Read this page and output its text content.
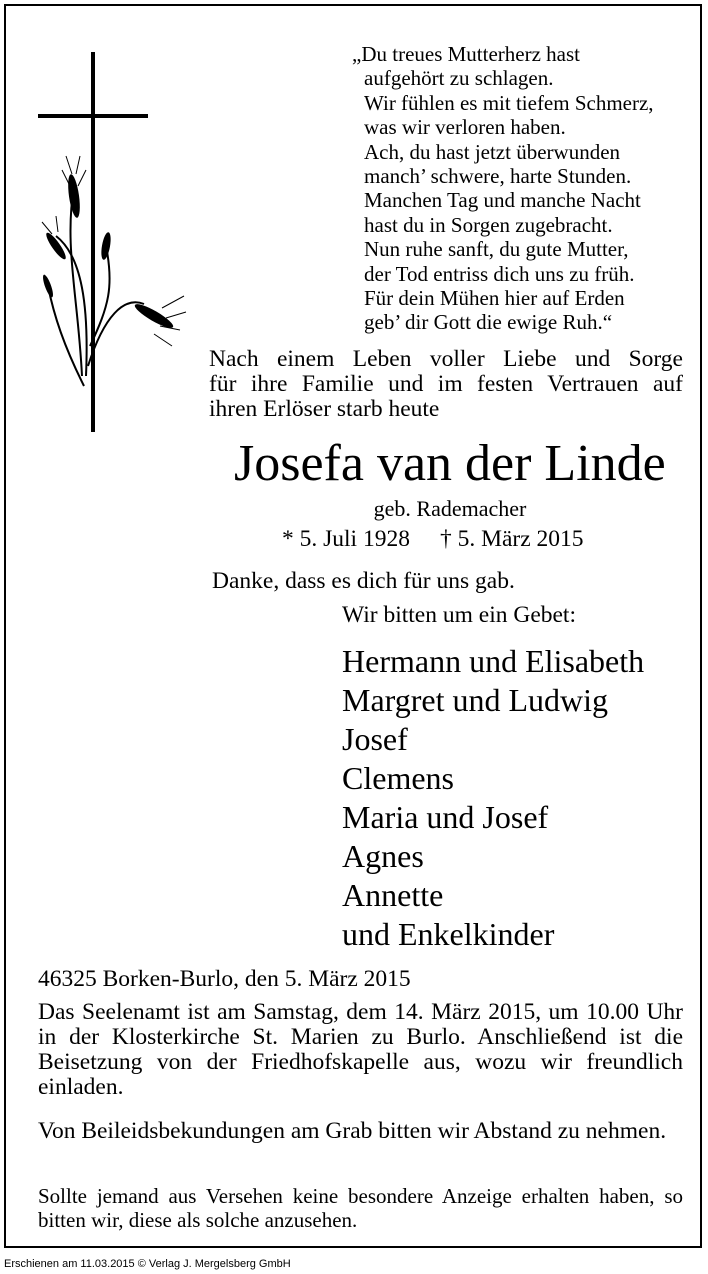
„Du treues Mutterherz hast
aufgehört zu schlagen.
Wir fühlen es mit tiefem Schmerz,
was wir verloren haben.
Ach, du hast jetzt überwunden
manch’ schwere, harte Stunden.
Manchen Tag und manche Nacht
hast du in Sorgen zugebracht.
Nun ruhe sanft, du gute Mutter,
der Tod entriss dich uns zu früh.
Für dein Mühen hier auf Erden
geb’ dir Gott die ewige Ruh.“
Nach einem Leben voller Liebe und Sorge
für ihre Familie und im festen Vertrauen auf
ihren Erlöser starb heute
Josefa van der Linde
geb. Rademacher
* 5. Juli 1928 † 5. März 2015
Danke, dass es dich für uns gab.
Wir bitten um ein Gebet:
Hermann und Elisabeth
Margret und Ludwig
Josef
Clemens
Maria und Josef
Agnes
Annette
und Enkelkinder
46325 Borken-Burlo, den 5. März 2015
Das Seelenamt ist am Samstag, dem 14. März 2015, um 10.00 Uhr in der Klosterkirche St. Marien zu Burlo. Anschließend ist die Beisetzung von der Friedhofskapelle aus, wozu wir freundlich einladen.
Von Beileidsbekundungen am Grab bitten wir Abstand zu nehmen.
Sollte jemand aus Versehen keine besondere Anzeige erhalten haben, so bitten wir, diese als solche anzusehen.
Erschienen am 11.03.2015 © Verlag J. Mergelsberg GmbH
